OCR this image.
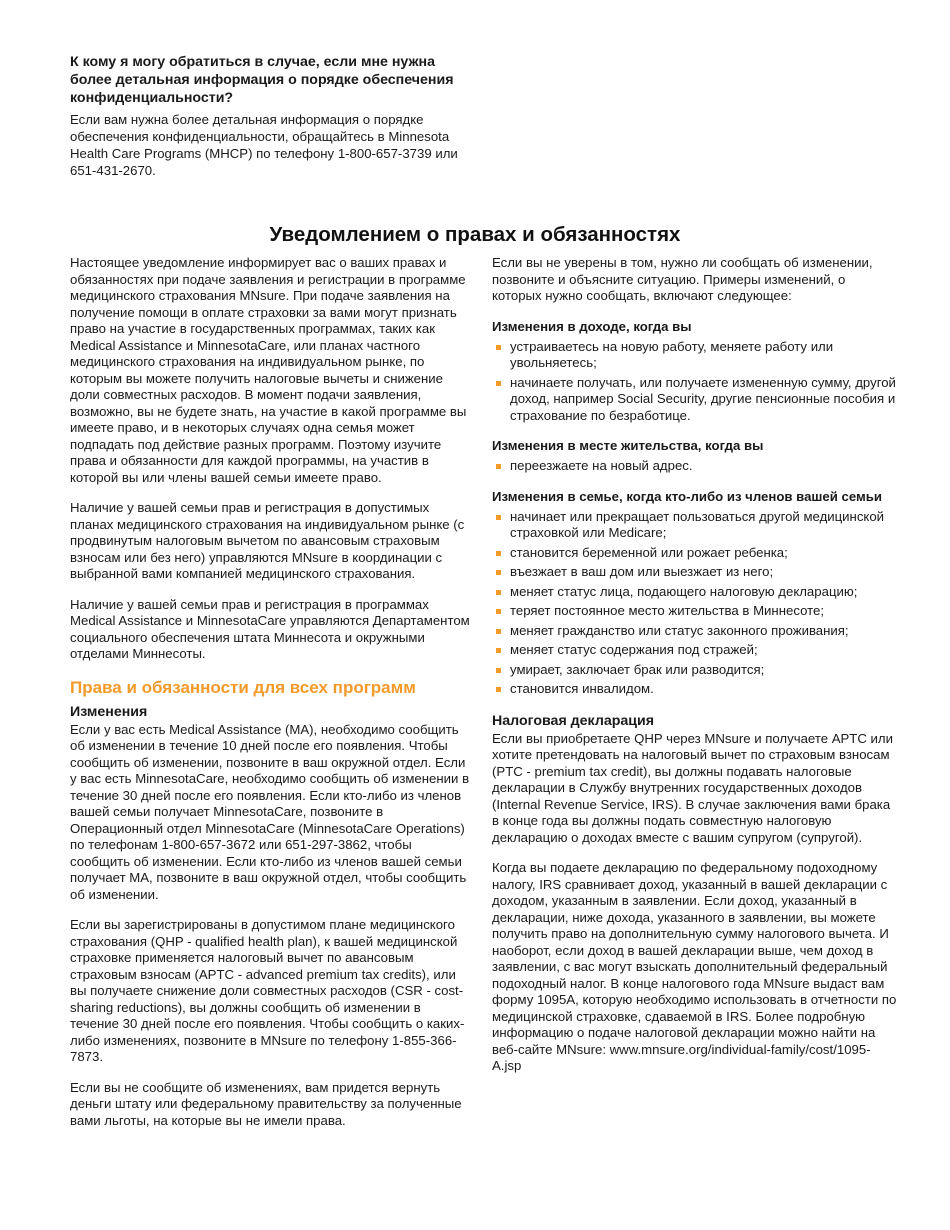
К кому я могу обратиться в случае, если мне нужна более детальная информация о порядке обеспечения конфиденциальности?

Если вам нужна более детальная информация о порядке обеспечения конфиденциальности, обращайтесь в Minnesota Health Care Programs (MHCP) по телефону 1-800-657-3739 или 651-431-2670.

Уведомлением о правах и обязанностях

Настоящее уведомление информирует вас о ваших правах и обязанностях при подаче заявления и регистрации в программе медицинского страхования MNsure. При подаче заявления на получение помощи в оплате страховки за вами могут признать право на участие в государственных программах, таких как Medical Assistance и MinnesotaCare, или планах частного медицинского страхования на индивидуальном рынке, по которым вы можете получить налоговые вычеты и снижение доли совместных расходов. В момент подачи заявления, возможно, вы не будете знать, на участие в какой программе вы имеете право, и в некоторых случаях одна семья может подпадать под действие разных программ. Поэтому изучите права и обязанности для каждой программы, на участив в которой вы или члены вашей семьи имеете право.

Наличие у вашей семьи прав и регистрация в допустимых планах медицинского страхования на индивидуальном рынке (с продвинутым налоговым вычетом по авансовым страховым взносам или без него) управляются MNsure в координации с выбранной вами компанией медицинского страхования.

Наличие у вашей семьи прав и регистрация в программах Medical Assistance и MinnesotaCare управляются Департаментом социального обеспечения штата Миннесота и окружными отделами Миннесоты.

Права и обязанности для всех программ
Изменения

Если у вас есть Medical Assistance (MA), необходимо сообщить об изменении в течение 10 дней после его появления. Чтобы сообщить об изменении, позвоните в ваш окружной отдел. Если у вас есть MinnesotaCare, необходимо сообщить об изменении в течение 30 дней после его появления. Если кто-либо из членов вашей семьи получает MinnesotaCare, позвоните в Операционный отдел MinnesotaCare (MinnesotaCare Operations) по телефонам 1-800-657-3672 или 651-297-3862, чтобы сообщить об изменении. Если кто-либо из членов вашей семьи получает MA, позвоните в ваш окружной отдел, чтобы сообщить об изменении.

Если вы зарегистрированы в допустимом плане медицинского страхования (QHP - qualified health plan), к вашей медицинской страховке применяется налоговый вычет по авансовым страховым взносам (APTC - advanced premium tax credits), или вы получаете снижение доли совместных расходов (CSR - cost-sharing reductions), вы должны сообщить об изменении в течение 30 дней после его появления. Чтобы сообщить о каких-либо изменениях, позвоните в MNsure по телефону 1-855-366-7873.

Если вы не сообщите об изменениях, вам придется вернуть деньги штату или федеральному правительству за полученные вами льготы, на которые вы не имели права.

Если вы не уверены в том, нужно ли сообщать об изменении, позвоните и объясните ситуацию. Примеры изменений, о которых нужно сообщать, включают следующее:

Изменения в доходе, когда вы
устраиваетесь на новую работу, меняете работу или увольняетесь;
начинаете получать, или получаете измененную сумму, другой доход, например Social Security, другие пенсионные пособия и страхование по безработице.
Изменения в месте жительства, когда вы
переезжаете на новый адрес.
Изменения в семье, когда кто-либо из членов вашей семьи
начинает или прекращает пользоваться другой медицинской страховкой или Medicare;
становится беременной или рожает ребенка;
въезжает в ваш дом или выезжает из него;
меняет статус лица, подающего налоговую декларацию;
теряет постоянное место жительства в Миннесоте;
меняет гражданство или статус законного проживания;
меняет статус содержания под стражей;
умирает, заключает брак или разводится;
становится инвалидом.
Налоговая декларация

Если вы приобретаете QHP через MNsure и получаете APTC или хотите претендовать на налоговый вычет по страховым взносам (PTC - premium tax credit), вы должны подавать налоговые декларации в Службу внутренних государственных доходов (Internal Revenue Service, IRS). В случае заключения вами брака в конце года вы должны подать совместную налоговую декларацию о доходах вместе с вашим супругом (супругой).

Когда вы подаете декларацию по федеральному подоходному налогу, IRS сравнивает доход, указанный в вашей декларации с доходом, указанным в заявлении. Если доход, указанный в декларации, ниже дохода, указанного в заявлении, вы можете получить право на дополнительную сумму налогового вычета. И наоборот, если доход в вашей декларации выше, чем доход в заявлении, с вас могут взыскать дополнительный федеральный подоходный налог. В конце налогового года MNsure выдаст вам форму 1095A, которую необходимо использовать в отчетности по медицинской страховке, сдаваемой в IRS. Более подробную информацию о подаче налоговой декларации можно найти на веб-сайте MNsure: www.mnsure.org/individual-family/cost/1095-A.jsp
